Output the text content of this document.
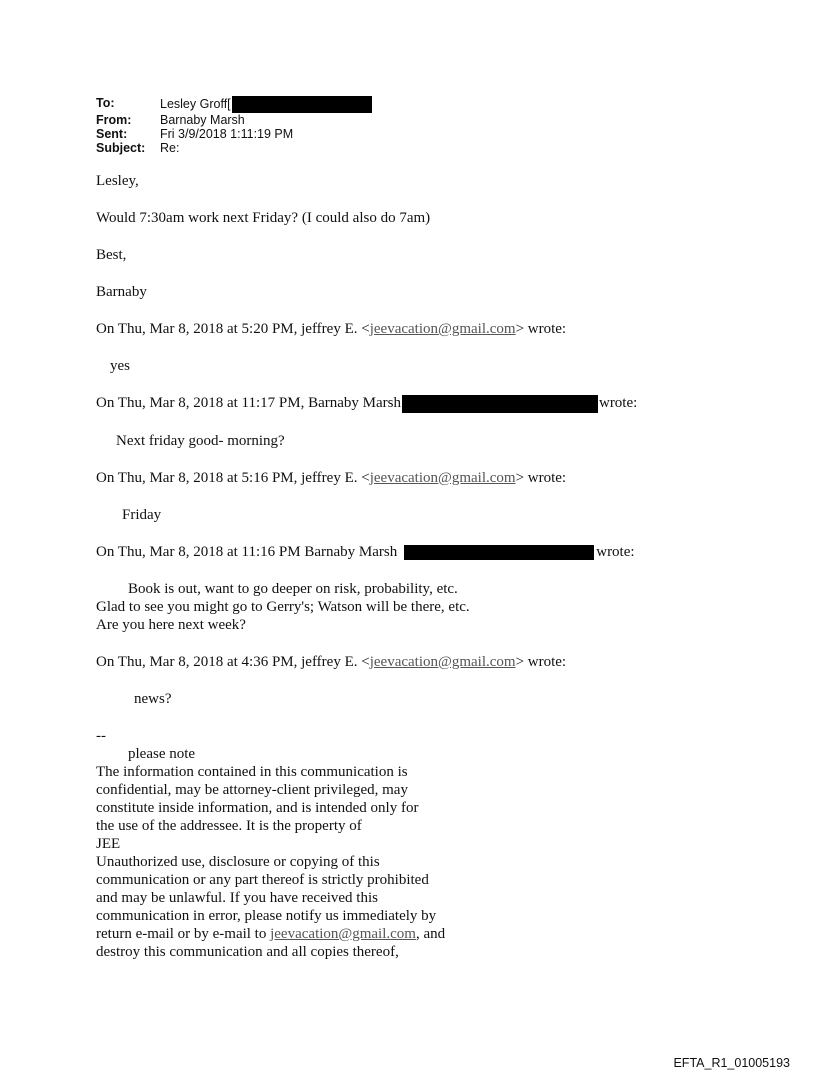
To:	Lesley Groff[
From:	Barnaby Marsh
Sent:	Fri 3/9/2018 1:11:19 PM
Subject:	Re:

Lesley,

Would 7:30am work next Friday? (I could also do 7am)

Best,

Barnaby

On Thu, Mar 8, 2018 at 5:20 PM, jeffrey E. <jeevacation@gmail.com> wrote:

yes

On Thu, Mar 8, 2018 at 11:17 PM, Barnaby Marsh	wrote:

Next friday good- morning?

On Thu, Mar 8, 2018 at 5:16 PM, jeffrey E. <jeevacation@gmail.com> wrote:

Friday

On Thu, Mar 8, 2018 at 11:16 PM Barnaby Marsh	wrote:

Book is out, want to go deeper on risk, probability, etc.
Glad to see you might go to Gerry's; Watson will be there, etc.
Are you here next week?

On Thu, Mar 8, 2018 at 4:36 PM, jeffrey E. <jeevacation@gmail.com> wrote:

news?

--
please note
The information contained in this communication is
confidential, may be attorney-client privileged, may
constitute inside information, and is intended only for
the use of the addressee. It is the property of
JEE
Unauthorized use, disclosure or copying of this
communication or any part thereof is strictly prohibited
and may be unlawful. If you have received this
communication in error, please notify us immediately by
return e-mail or by e-mail to jeevacation@gmail.com, and
destroy this communication and all copies thereof,
EFTA_R1_01005193
